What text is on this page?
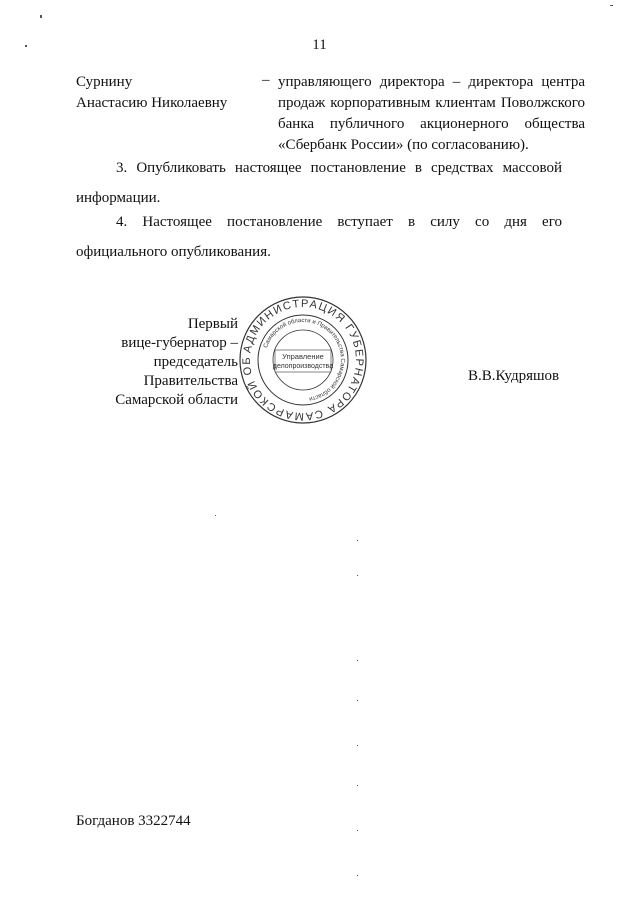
11
Сурнину
Анастасию Николаевну
– управляющего директора – директора центра
продаж корпоративным клиентам Поволжского
банка публичного акционерного общества
«Сбербанк России» (по согласованию).
3. Опубликовать настоящее постановление в средствах массовой
информации.
4. Настоящее постановление вступает в силу со дня его
официального опубликования.
Первый
вице-губернатор –
председатель Правительства
Самарской области
АДМИНИСТРАЦИЯ ГУБЕРНАТОРА САМАРСКОЙ ОБ
Самарской области и Правительства Самарской области
Управление
делопроизводства
В.В.Кудряшов
Богданов 3322744
